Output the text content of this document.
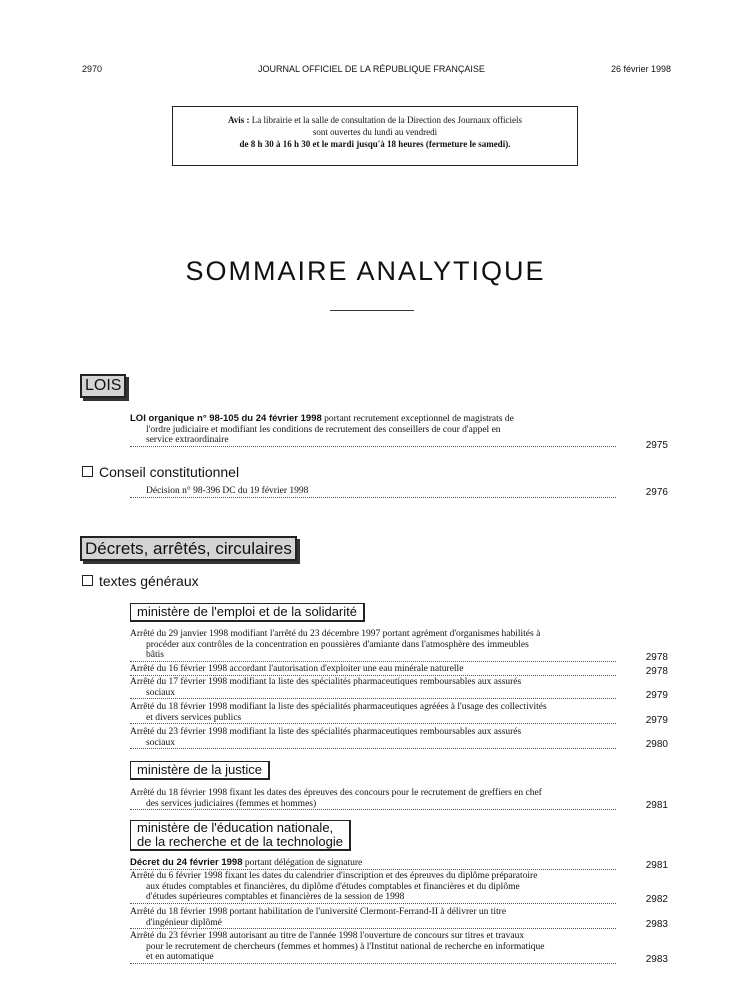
2970	JOURNAL OFFICIEL DE LA RÉPUBLIQUE FRANÇAISE	26 février 1998
Avis : La librairie et la salle de consultation de la Direction des Journaux officiels
sont ouvertes du lundi au vendredi
de 8 h 30 à 16 h 30 et le mardi jusqu'à 18 heures (fermeture le samedi).
SOMMAIRE ANALYTIQUE
LOIS
LOI organique n° 98-105 du 24 février 1998 portant recrutement exceptionnel de magistrats de
l'ordre judiciaire et modifiant les conditions de recrutement des conseillers de cour d'appel en
service extraordinaire	2975
Conseil constitutionnel
Décision n° 98-396 DC du 19 février 1998	2976
Décrets, arrêtés, circulaires
textes généraux
ministère de l'emploi et de la solidarité
Arrêté du 29 janvier 1998 modifiant l'arrêté du 23 décembre 1997 portant agrément d'organismes habilités à
procéder aux contrôles de la concentration en poussières d'amiante dans l'atmosphère des immeubles
bâtis	2978
Arrêté du 16 février 1998 accordant l'autorisation d'exploiter une eau minérale naturelle	2978
Arrêté du 17 février 1998 modifiant la liste des spécialités pharmaceutiques remboursables aux assurés
sociaux	2979
Arrêté du 18 février 1998 modifiant la liste des spécialités pharmaceutiques agréées à l'usage des collectivités
et divers services publics	2979
Arrêté du 23 février 1998 modifiant la liste des spécialités pharmaceutiques remboursables aux assurés
sociaux	2980
ministère de la justice
Arrêté du 18 février 1998 fixant les dates des épreuves des concours pour le recrutement de greffiers en chef
des services judiciaires (femmes et hommes)	2981
ministère de l'éducation nationale,
de la recherche et de la technologie
Décret du 24 février 1998 portant délégation de signature	2981
Arrêté du 6 février 1998 fixant les dates du calendrier d'inscription et des épreuves du diplôme préparatoire
aux études comptables et financières, du diplôme d'études comptables et financières et du diplôme
d'études supérieures comptables et financières de la session de 1998	2982
Arrêté du 18 février 1998 portant habilitation de l'université Clermont-Ferrand-II à délivrer un titre
d'ingénieur diplômé	2983
Arrêté du 23 février 1998 autorisant au titre de l'année 1998 l'ouverture de concours sur titres et travaux
pour le recrutement de chercheurs (femmes et hommes) à l'Institut national de recherche en informatique
et en automatique	2983
